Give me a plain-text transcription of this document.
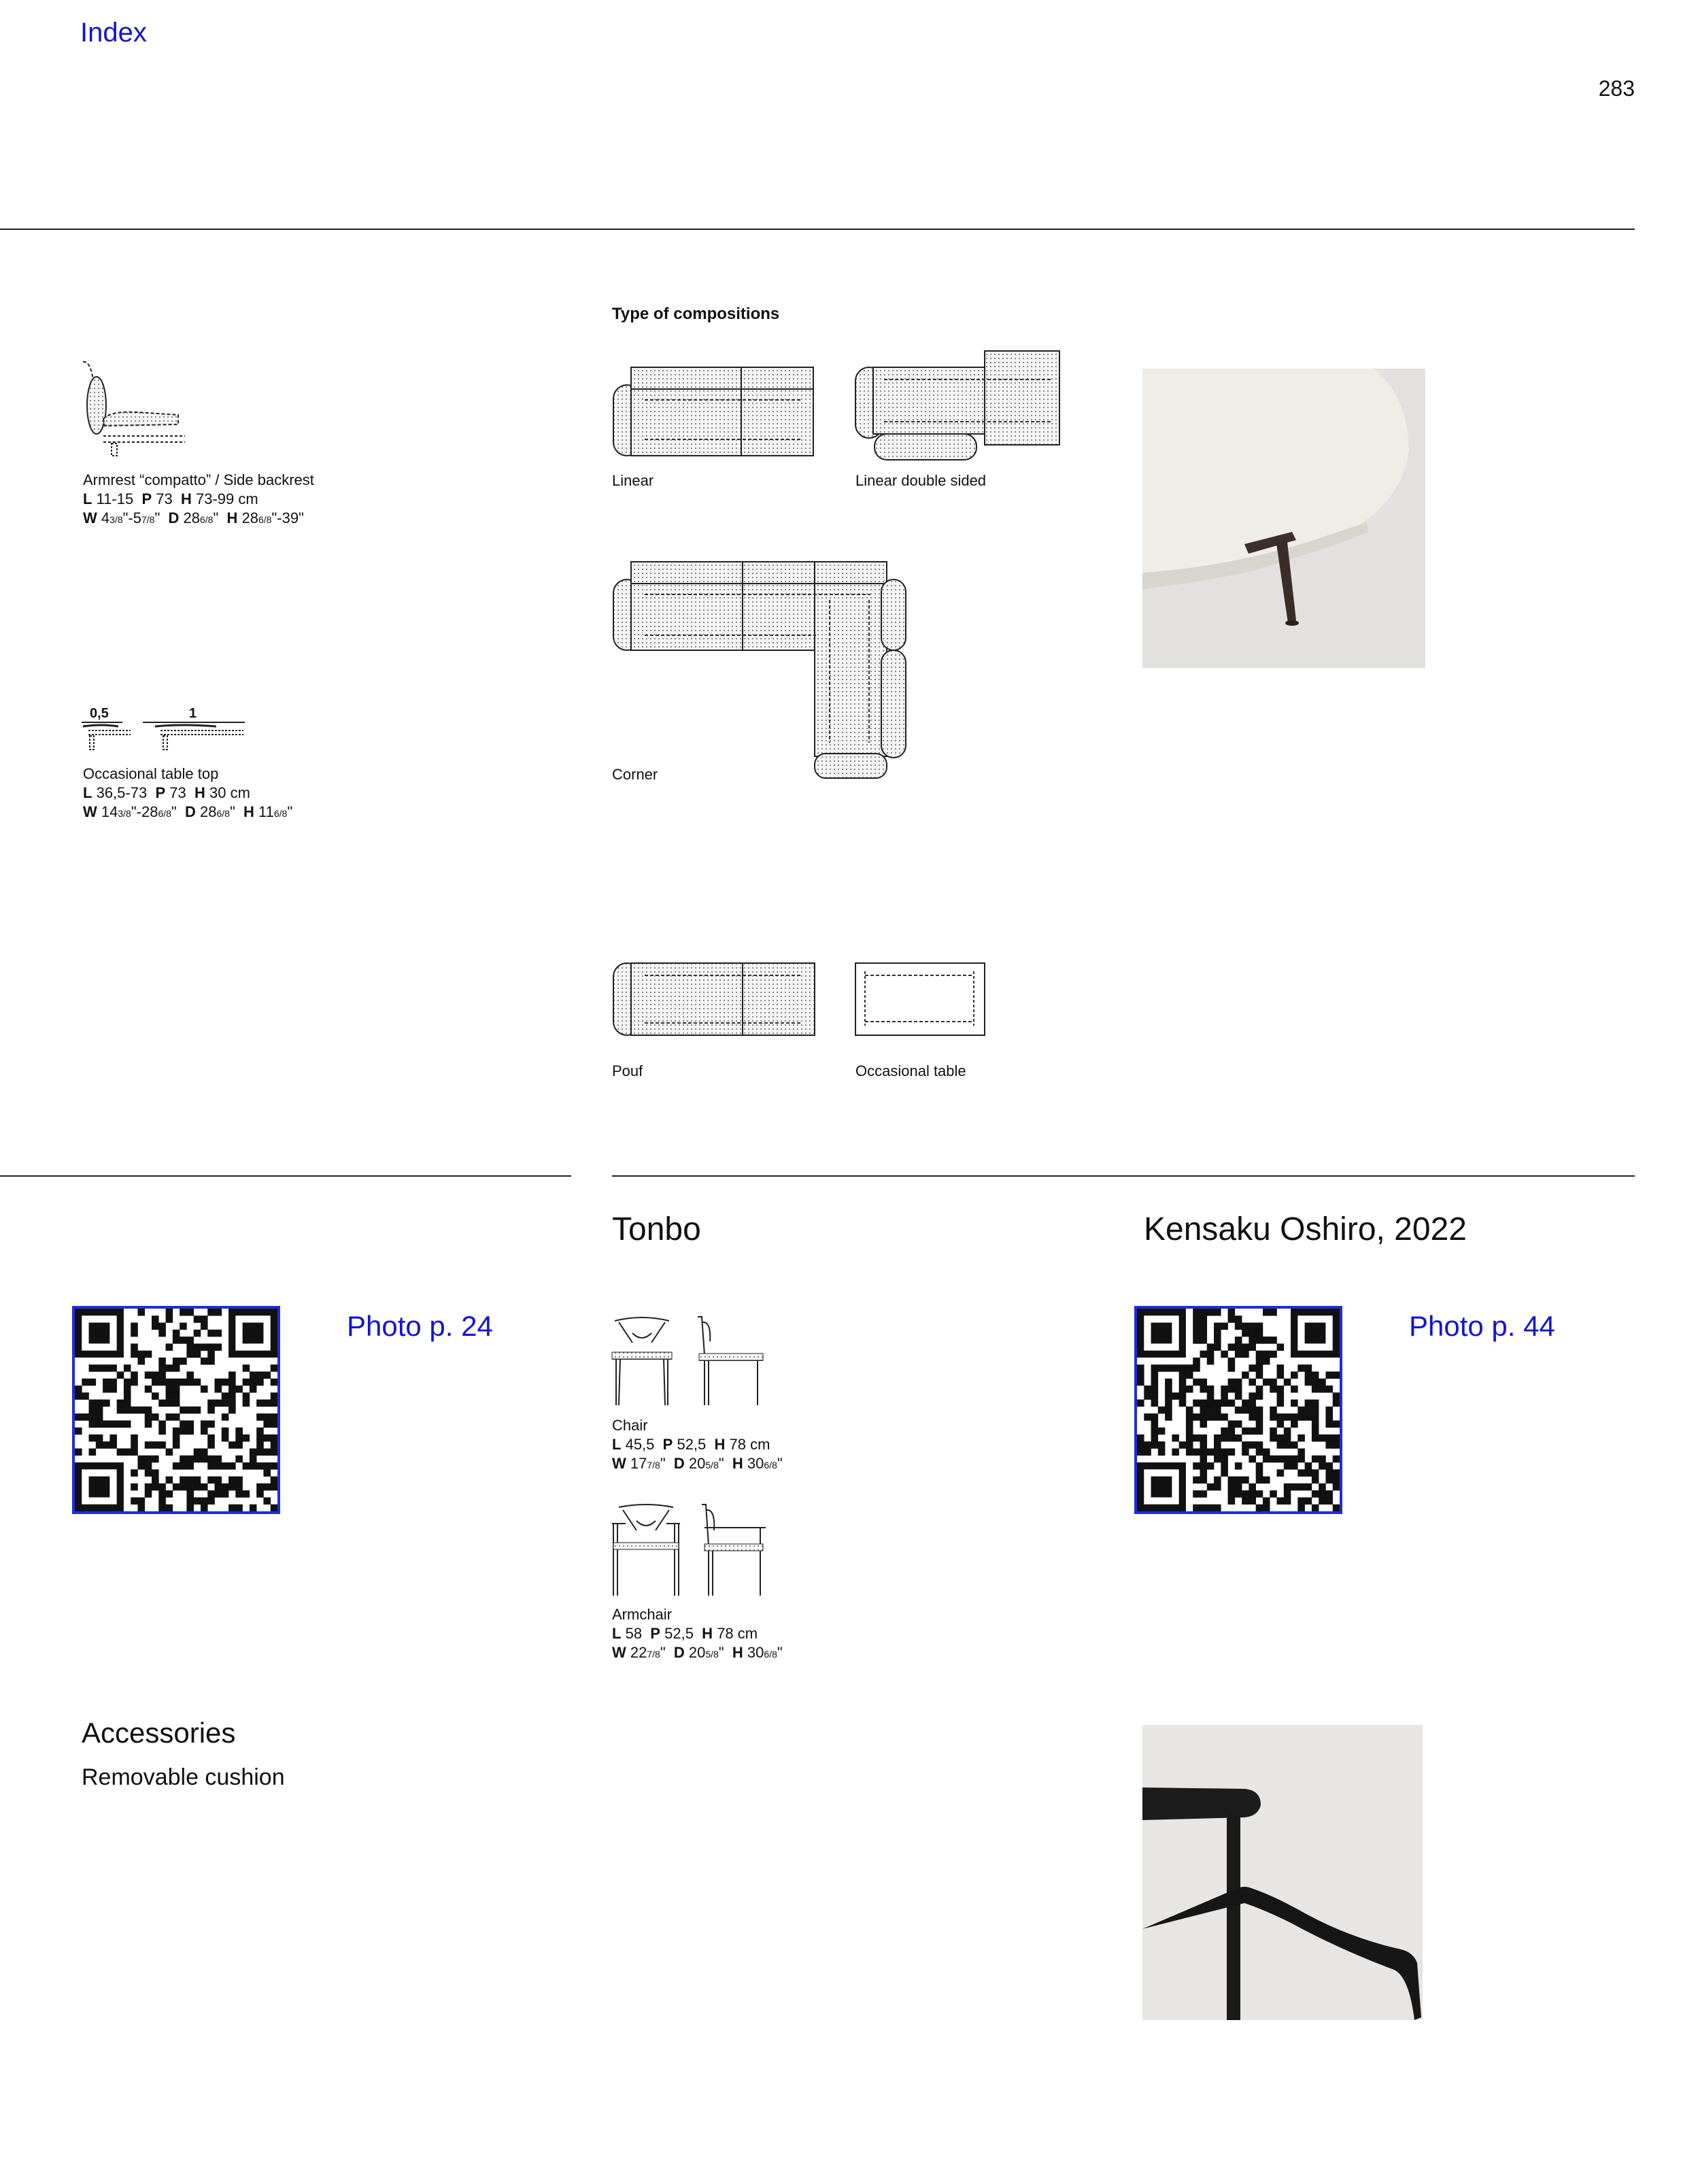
Index
283
Armrest “compatto” / Side backrest
L 11-15 P 73 H 73-99 cm
W 43/8"-57/8" D 286/8" H 286/8"-39"
0,5	1
Occasional table top
L 36,5-73 P 73 H 30 cm
W 143/8"-286/8" D 286/8" H 116/8"
Type of compositions
Linear	Linear double sided
Corner
Pouf	Occasional table
Photo p. 24
Accessories
Removable cushion
Tonbo	Kensaku Oshiro, 2022
Chair
L 45,5 P 52,5 H 78 cm
W 177/8" D 205/8" H 306/8"
Armchair
L 58 P 52,5 H 78 cm
W 227/8" D 205/8" H 306/8"
Photo p. 44
